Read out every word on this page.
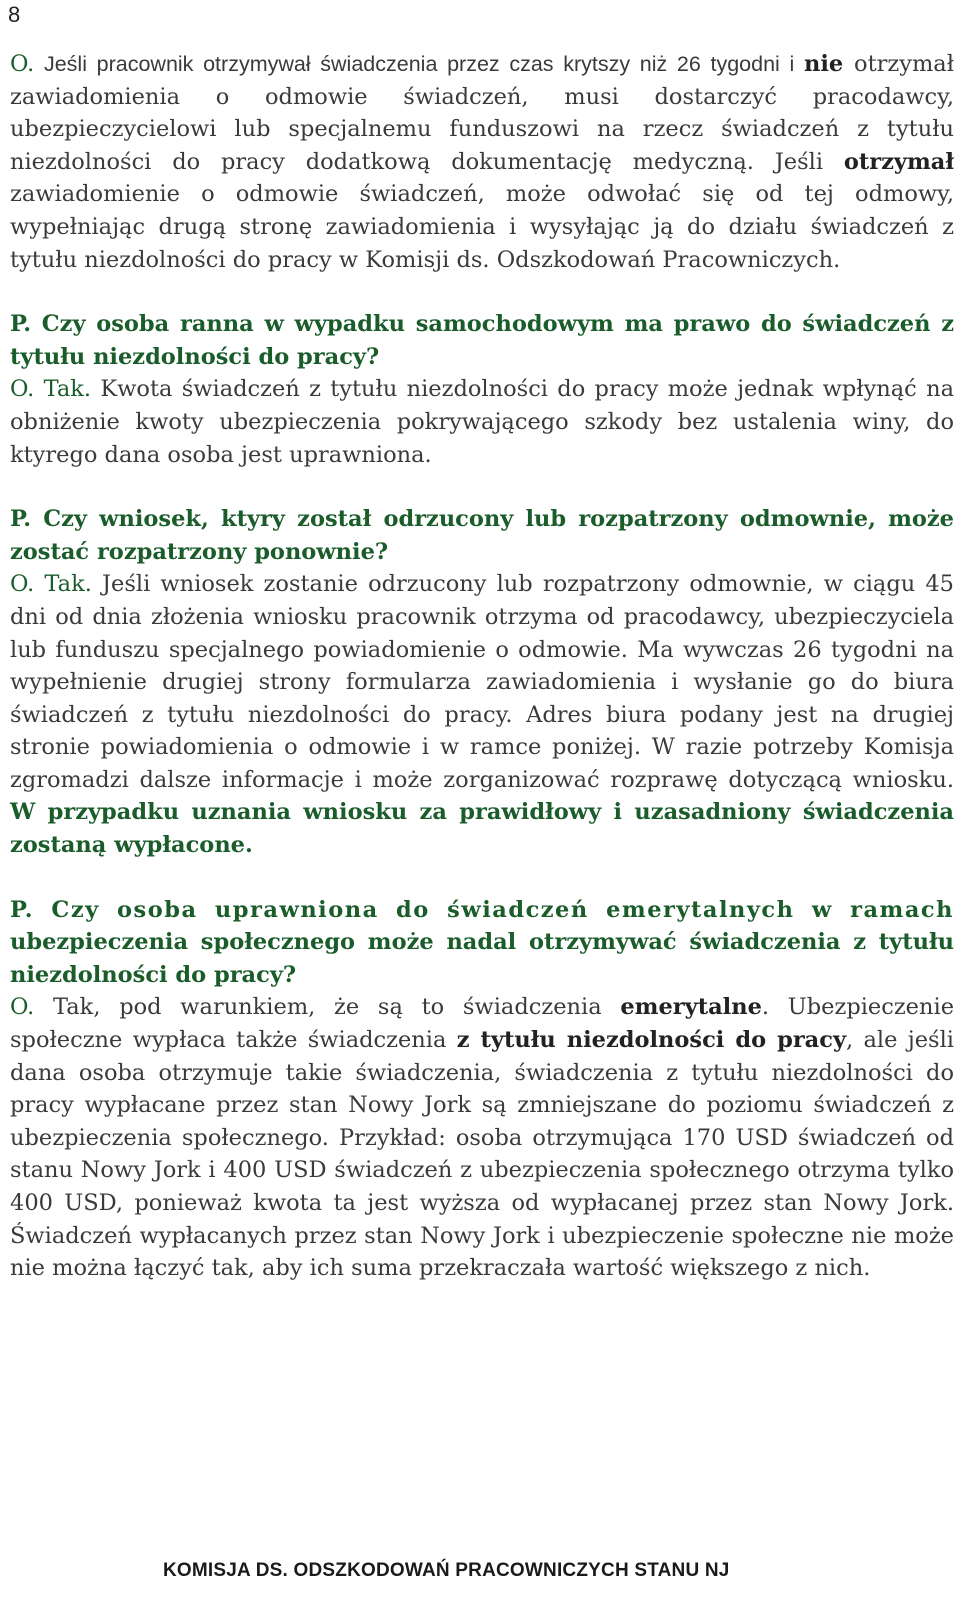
8

O. Jeśli pracownik otrzymywał świadczenia przez czas krytszy niż 26 tygodni i nie otrzymał zawiadomienia o odmowie świadczeń, musi dostarczyć pracodawcy, ubezpieczycielowi lub specjalnemu funduszowi na rzecz świadczeń z tytułu niezdolności do pracy dodatkową dokumentację medyczną. Jeśli otrzymał zawiadomienie o odmowie świadczeń, może odwołać się od tej odmowy, wypełniając drugą stronę zawiadomienia i wysyłając ją do działu świadczeń z tytułu niezdolności do pracy w Komisji ds. Odszkodowań Pracowniczych.

P. Czy osoba ranna w wypadku samochodowym ma prawo do świadczeń z tytułu niezdolności do pracy?
O. Tak. Kwota świadczeń z tytułu niezdolności do pracy może jednak wpłynąć na obniżenie kwoty ubezpieczenia pokrywającego szkody bez ustalenia winy, do ktyrego dana osoba jest uprawniona.

P. Czy wniosek, ktyry został odrzucony lub rozpatrzony odmownie, może zostać rozpatrzony ponownie?
O. Tak. Jeśli wniosek zostanie odrzucony lub rozpatrzony odmownie, w ciągu 45 dni od dnia złożenia wniosku pracownik otrzyma od pracodawcy, ubezpieczyciela lub funduszu specjalnego powiadomienie o odmowie. Ma wywczas 26 tygodni na wypełnienie drugiej strony formularza zawiadomienia i wysłanie go do biura świadczeń z tytułu niezdolności do pracy. Adres biura podany jest na drugiej stronie powiadomienia o odmowie i w ramce poniżej. W razie potrzeby Komisja zgromadzi dalsze informacje i może zorganizować rozprawę dotyczącą wniosku. W przypadku uznania wniosku za prawidłowy i uzasadniony świadczenia zostaną wypłacone.

P. Czy osoba uprawniona do świadczeń emerytalnych w ramach ubezpieczenia społecznego może nadal otrzymywać świadczenia z tytułu niezdolności do pracy?
O. Tak, pod warunkiem, że są to świadczenia emerytalne. Ubezpieczenie społeczne wypłaca także świadczenia z tytułu niezdolności do pracy, ale jeśli dana osoba otrzymuje takie świadczenia, świadczenia z tytułu niezdolności do pracy wypłacane przez stan Nowy Jork są zmniejszane do poziomu świadczeń z ubezpieczenia społecznego. Przykład: osoba otrzymująca 170 USD świadczeń od stanu Nowy Jork i 400 USD świadczeń z ubezpieczenia społecznego otrzyma tylko 400 USD, ponieważ kwota ta jest wyższa od wypłacanej przez stan Nowy Jork. Świadczeń wypłacanych przez stan Nowy Jork i ubezpieczenie społeczne nie może nie można łączyć tak, aby ich suma przekraczała wartość większego z nich.

KOMISJA DS. ODSZKODOWAŃ PRACOWNICZYCH STANU NJ
